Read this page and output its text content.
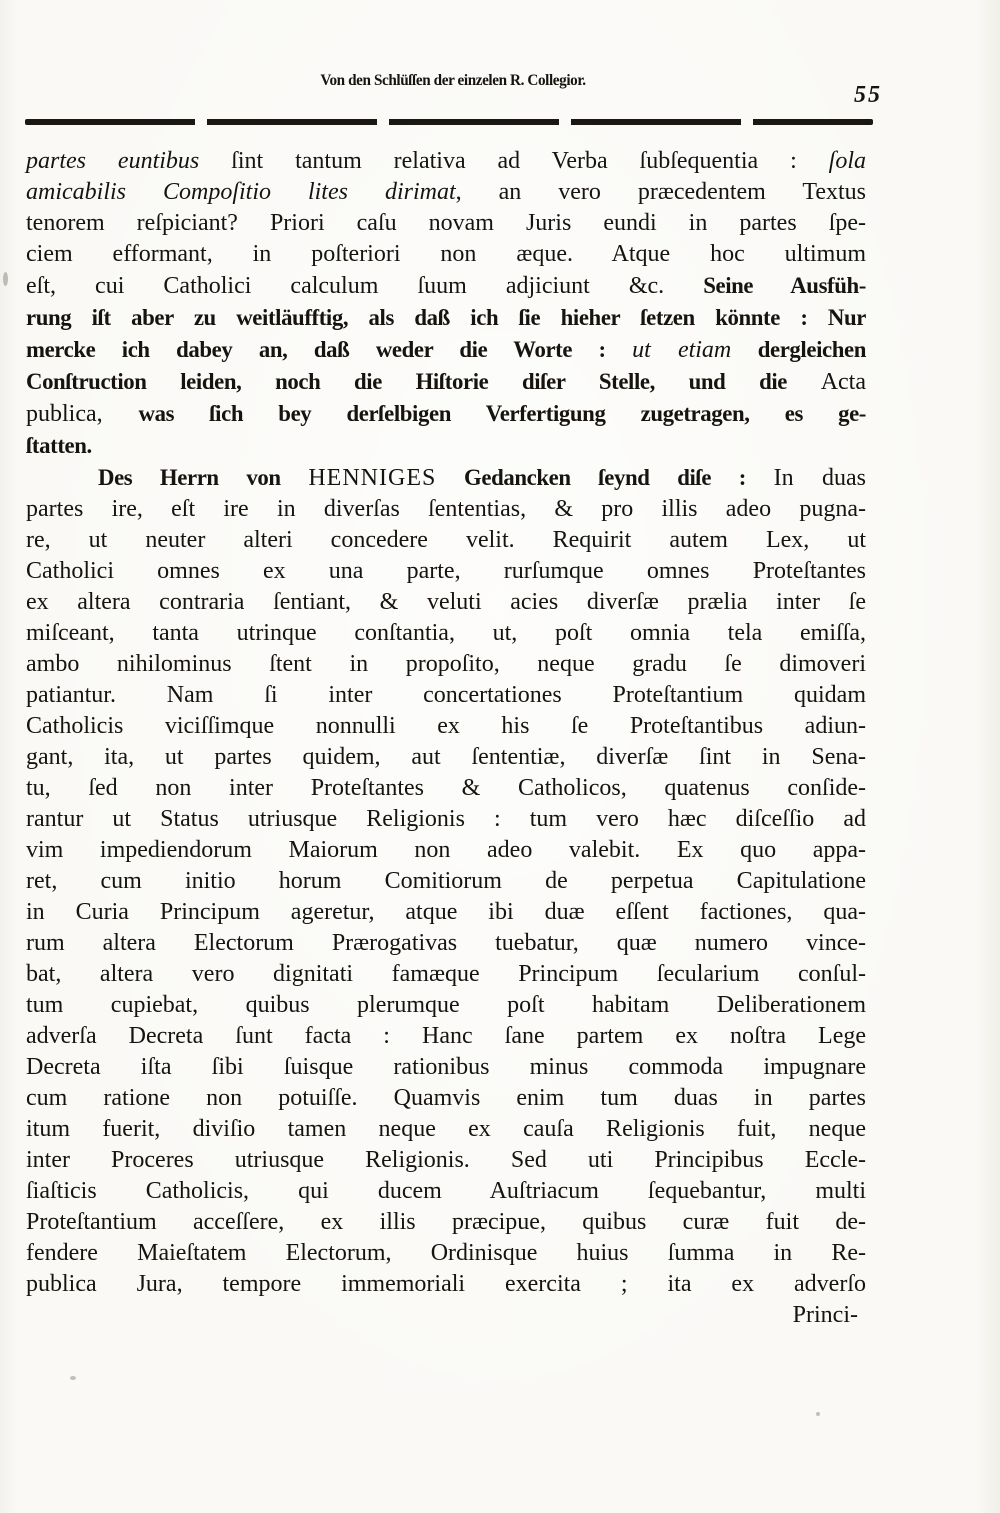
Von den Schlüſſen der einzelen R. Collegior.
55
partes euntibus ſint tantum relativa ad Verba ſubſequentia : ſola
amicabilis Compoſitio lites dirimat, an vero præcedentem Textus
tenorem reſpiciant? Priori caſu novam Juris eundi in partes ſpe-
ciem efformant, in poſteriori non æque. Atque hoc ultimum
eſt, cui Catholici calculum ſuum adjiciunt &c. Seine Ausfüh-
rung iſt aber zu weitläufftig, als daß ich ſie hieher ſetzen könnte : Nur
mercke ich dabey an, daß weder die Worte : ut etiam dergleichen
Conſtruction leiden, noch die Hiſtorie diſer Stelle, und die Acta
publica, was ſich bey derſelbigen Verfertigung zugetragen, es ge-
ſtatten.
Des Herrn von HENNIGES Gedancken ſeynd diſe : In duas
partes ire, eſt ire in diverſas ſententias, & pro illis adeo pugna-
re, ut neuter alteri concedere velit. Requirit autem Lex, ut
Catholici omnes ex una parte, rurſumque omnes Proteſtantes
ex altera contraria ſentiant, & veluti acies diverſæ prælia inter ſe
miſceant, tanta utrinque conſtantia, ut, poſt omnia tela emiſſa,
ambo nihilominus ſtent in propoſito, neque gradu ſe dimoveri
patiantur. Nam ſi inter concertationes Proteſtantium quidam
Catholicis viciſſimque nonnulli ex his ſe Proteſtantibus adiun-
gant, ita, ut partes quidem, aut ſententiæ, diverſæ ſint in Sena-
tu, ſed non inter Proteſtantes & Catholicos, quatenus conſide-
rantur ut Status utriusque Religionis : tum vero hæc diſceſſio ad
vim impediendorum Maiorum non adeo valebit. Ex quo appa-
ret, cum initio horum Comitiorum de perpetua Capitulatione
in Curia Principum ageretur, atque ibi duæ eſſent factiones, qua-
rum altera Electorum Prærogativas tuebatur, quæ numero vince-
bat, altera vero dignitati famæque Principum ſecularium conſul-
tum cupiebat, quibus plerumque poſt habitam Deliberationem
adverſa Decreta ſunt facta : Hanc ſane partem ex noſtra Lege
Decreta iſta ſibi ſuisque rationibus minus commoda impugnare
cum ratione non potuiſſe. Quamvis enim tum duas in partes
itum fuerit, diviſio tamen neque ex cauſa Religionis fuit, neque
inter Proceres utriusque Religionis. Sed uti Principibus Eccle-
ſiaſticis Catholicis, qui ducem Auſtriacum ſequebantur, multi
Proteſtantium acceſſere, ex illis præcipue, quibus curæ fuit de-
fendere Maieſtatem Electorum, Ordinisque huius ſumma in Re-
publica Jura, tempore immemoriali exercita ; ita ex adverſo
Princi-
